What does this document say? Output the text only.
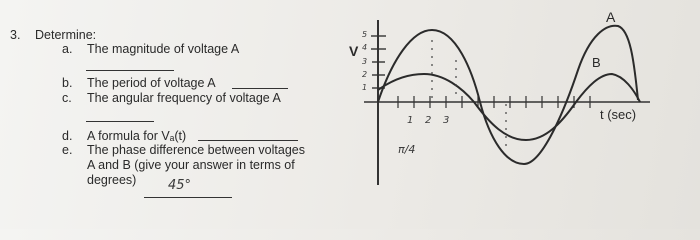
3. Determine:
a. The magnitude of voltage A
b. The period of voltage A
c. The angular frequency of voltage A
d. A formula for Vₐ(t)
e. The phase difference between voltages
A and B (give your answer in terms of
degrees) 45°
V
t (sec)
A
B
5
4
3
2
1
1 2 3
π/4
